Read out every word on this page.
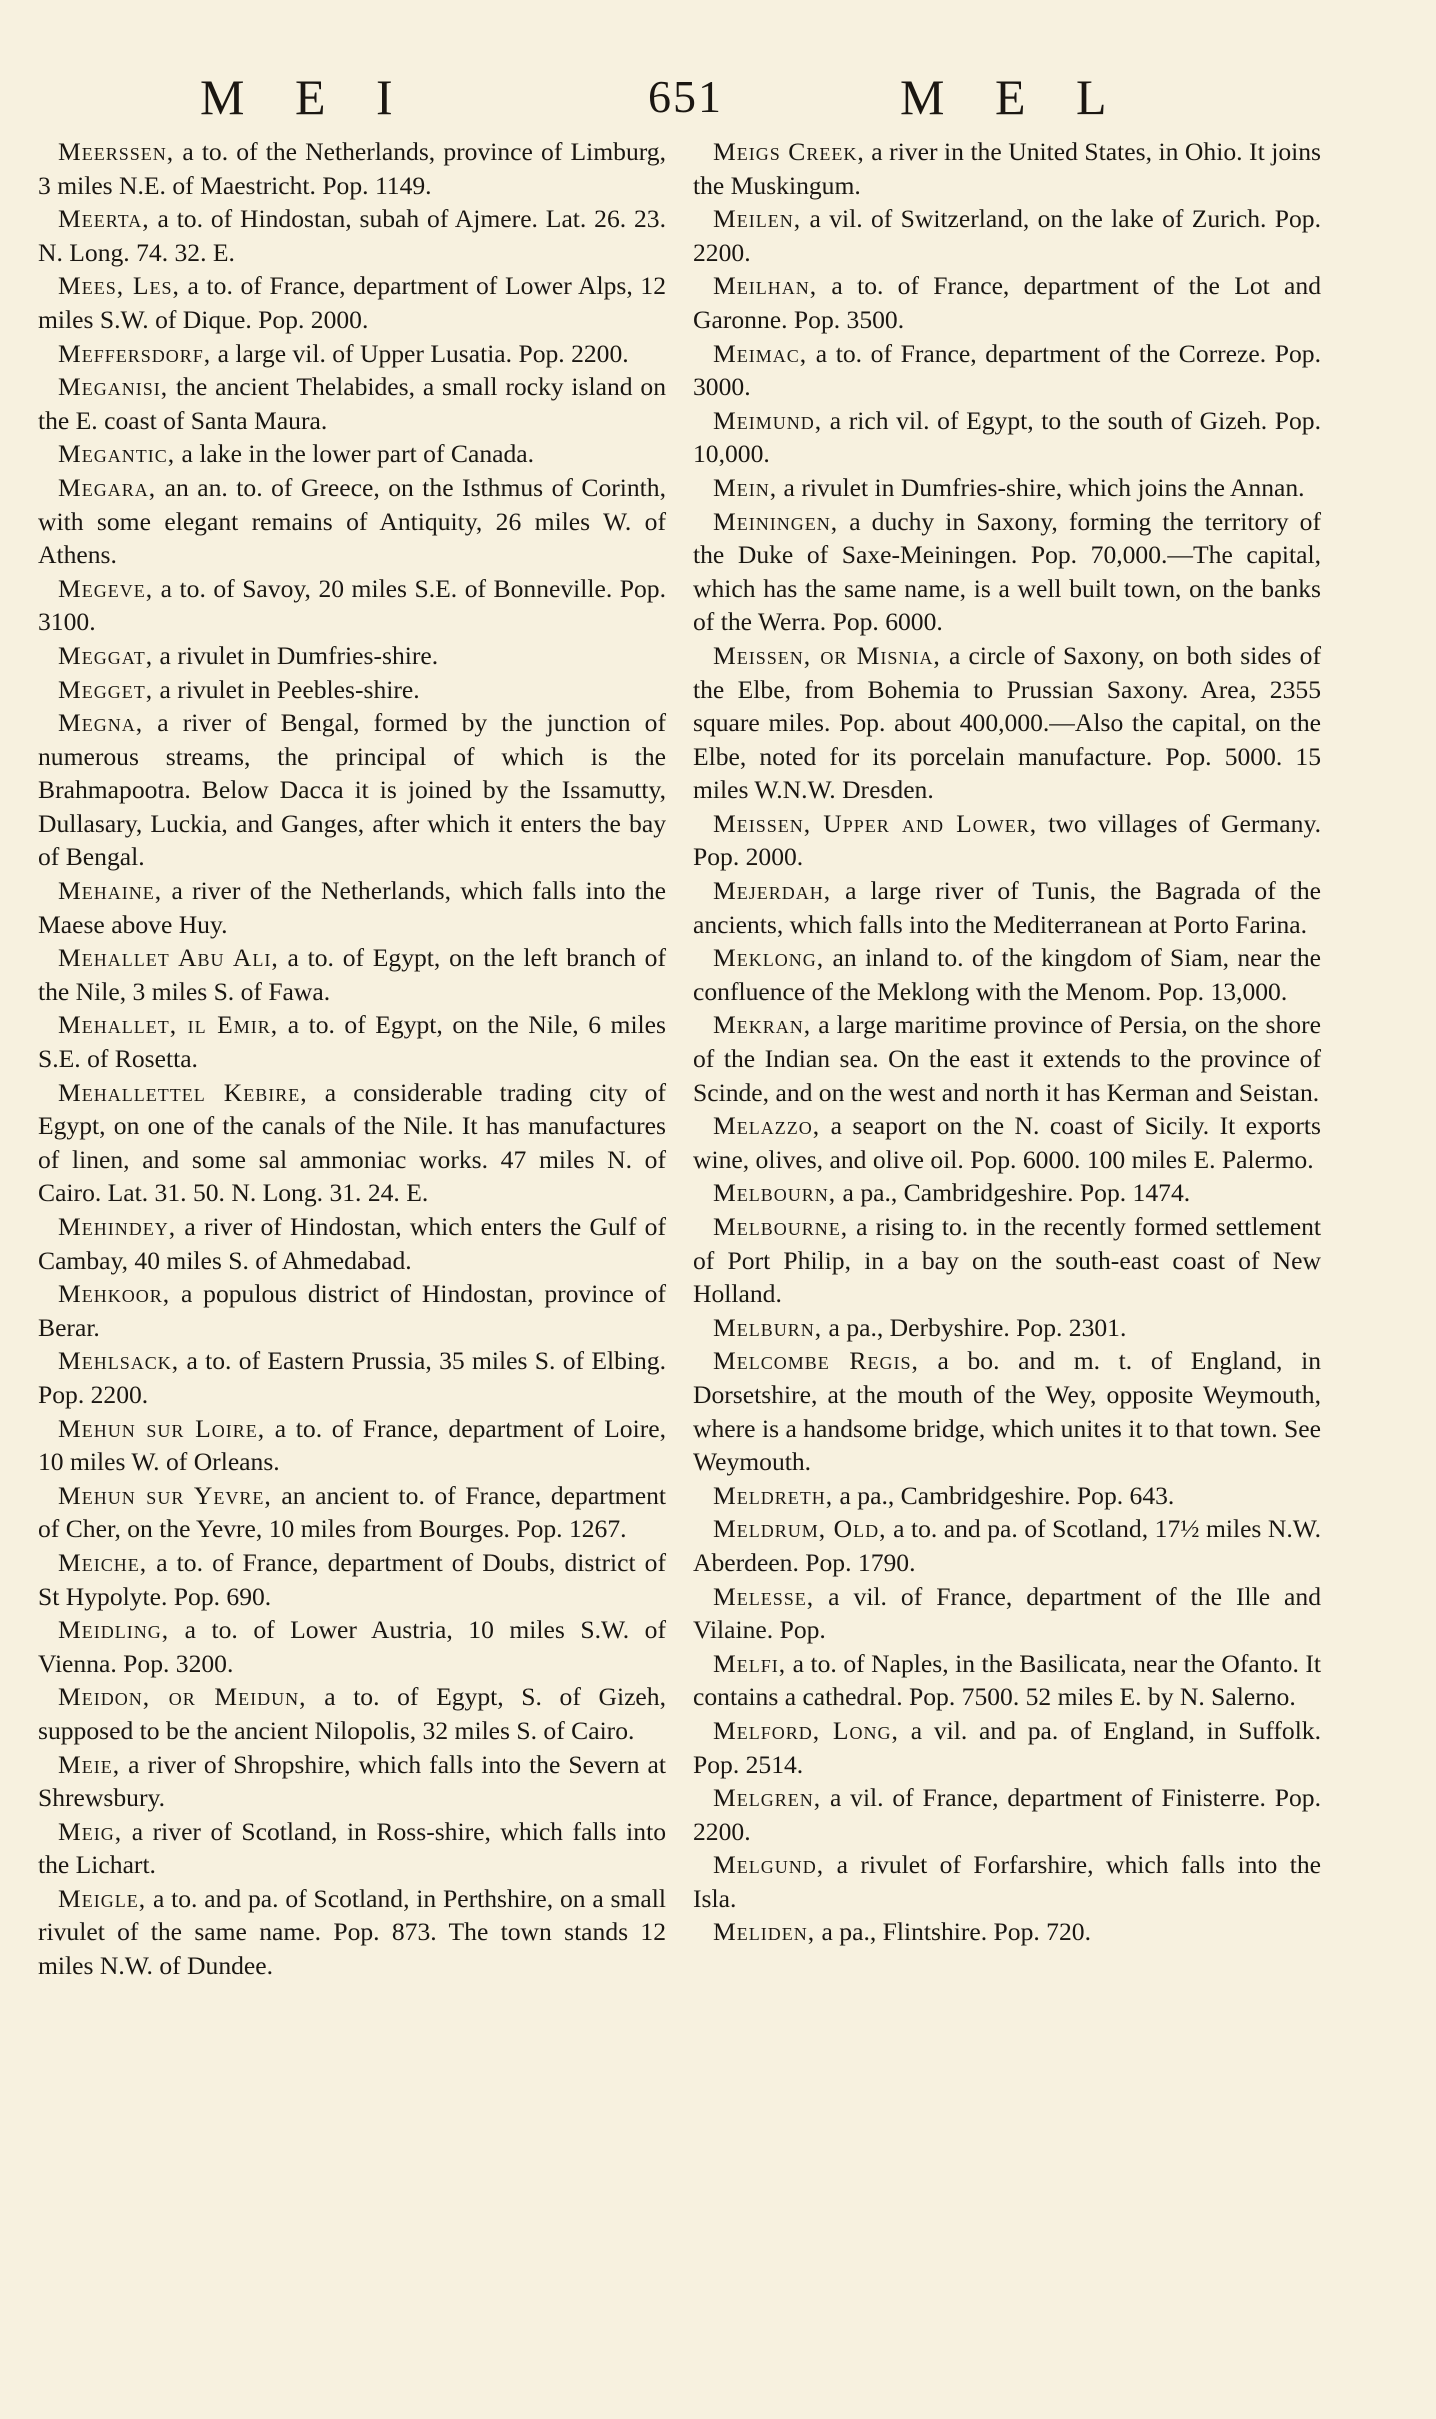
M E I	651	M E L

Meerssen, a to. of the Netherlands, province of Limburg, 3 miles N.E. of Maestricht. Pop. 1149.

Meerta, a to. of Hindostan, subah of Ajmere. Lat. 26. 23. N. Long. 74. 32. E.

Mees, Les, a to. of France, department of Lower Alps, 12 miles S.W. of Dique. Pop. 2000.

Meffersdorf, a large vil. of Upper Lusatia. Pop. 2200.

Meganisi, the ancient Thelabides, a small rocky island on the E. coast of Santa Maura.

Megantic, a lake in the lower part of Canada.

Megara, an an. to. of Greece, on the Isthmus of Corinth, with some elegant remains of Antiquity, 26 miles W. of Athens.

Megeve, a to. of Savoy, 20 miles S.E. of Bonneville. Pop. 3100.

Meggat, a rivulet in Dumfries-shire.

Megget, a rivulet in Peebles-shire.

Megna, a river of Bengal, formed by the junction of numerous streams, the principal of which is the Brahmapootra. Below Dacca it is joined by the Issamutty, Dullasary, Luckia, and Ganges, after which it enters the bay of Bengal.

Mehaine, a river of the Netherlands, which falls into the Maese above Huy.

Mehallet Abu Ali, a to. of Egypt, on the left branch of the Nile, 3 miles S. of Fawa.

Mehallet, il Emir, a to. of Egypt, on the Nile, 6 miles S.E. of Rosetta.

Mehallettel Kebire, a considerable trading city of Egypt, on one of the canals of the Nile. It has manufactures of linen, and some sal ammoniac works. 47 miles N. of Cairo. Lat. 31. 50. N. Long. 31. 24. E.

Mehindey, a river of Hindostan, which enters the Gulf of Cambay, 40 miles S. of Ahmedabad.

Mehkoor, a populous district of Hindostan, province of Berar.

Mehlsack, a to. of Eastern Prussia, 35 miles S. of Elbing. Pop. 2200.

Mehun sur Loire, a to. of France, department of Loire, 10 miles W. of Orleans.

Mehun sur Yevre, an ancient to. of France, department of Cher, on the Yevre, 10 miles from Bourges. Pop. 1267.

Meiche, a to. of France, department of Doubs, district of St Hypolyte. Pop. 690.

Meidling, a to. of Lower Austria, 10 miles S.W. of Vienna. Pop. 3200.

Meidon, or Meidun, a to. of Egypt, S. of Gizeh, supposed to be the ancient Nilopolis, 32 miles S. of Cairo.

Meie, a river of Shropshire, which falls into the Severn at Shrewsbury.

Meig, a river of Scotland, in Ross-shire, which falls into the Lichart.

Meigle, a to. and pa. of Scotland, in Perthshire, on a small rivulet of the same name. Pop. 873. The town stands 12 miles N.W. of Dundee.

Meigs Creek, a river in the United States, in Ohio. It joins the Muskingum.

Meilen, a vil. of Switzerland, on the lake of Zurich. Pop. 2200.

Meilhan, a to. of France, department of the Lot and Garonne. Pop. 3500.

Meimac, a to. of France, department of the Correze. Pop. 3000.

Meimund, a rich vil. of Egypt, to the south of Gizeh. Pop. 10,000.

Mein, a rivulet in Dumfries-shire, which joins the Annan.

Meiningen, a duchy in Saxony, forming the territory of the Duke of Saxe-Meiningen. Pop. 70,000.—The capital, which has the same name, is a well built town, on the banks of the Werra. Pop. 6000.

Meissen, or Misnia, a circle of Saxony, on both sides of the Elbe, from Bohemia to Prussian Saxony. Area, 2355 square miles. Pop. about 400,000.—Also the capital, on the Elbe, noted for its porcelain manufacture. Pop. 5000. 15 miles W.N.W. Dresden.

Meissen, Upper and Lower, two villages of Germany. Pop. 2000.

Mejerdah, a large river of Tunis, the Bagrada of the ancients, which falls into the Mediterranean at Porto Farina.

Meklong, an inland to. of the kingdom of Siam, near the confluence of the Meklong with the Menom. Pop. 13,000.

Mekran, a large maritime province of Persia, on the shore of the Indian sea. On the east it extends to the province of Scinde, and on the west and north it has Kerman and Seistan.

Melazzo, a seaport on the N. coast of Sicily. It exports wine, olives, and olive oil. Pop. 6000. 100 miles E. Palermo.

Melbourn, a pa., Cambridgeshire. Pop. 1474.

Melbourne, a rising to. in the recently formed settlement of Port Philip, in a bay on the south-east coast of New Holland.

Melburn, a pa., Derbyshire. Pop. 2301.

Melcombe Regis, a bo. and m. t. of England, in Dorsetshire, at the mouth of the Wey, opposite Weymouth, where is a handsome bridge, which unites it to that town. See Weymouth.

Meldreth, a pa., Cambridgeshire. Pop. 643.

Meldrum, Old, a to. and pa. of Scotland, 17½ miles N.W. Aberdeen. Pop. 1790.

Melesse, a vil. of France, department of the Ille and Vilaine. Pop.

Melfi, a to. of Naples, in the Basilicata, near the Ofanto. It contains a cathedral. Pop. 7500. 52 miles E. by N. Salerno.

Melford, Long, a vil. and pa. of England, in Suffolk. Pop. 2514.

Melgren, a vil. of France, department of Finisterre. Pop. 2200.

Melgund, a rivulet of Forfarshire, which falls into the Isla.

Meliden, a pa., Flintshire. Pop. 720.
